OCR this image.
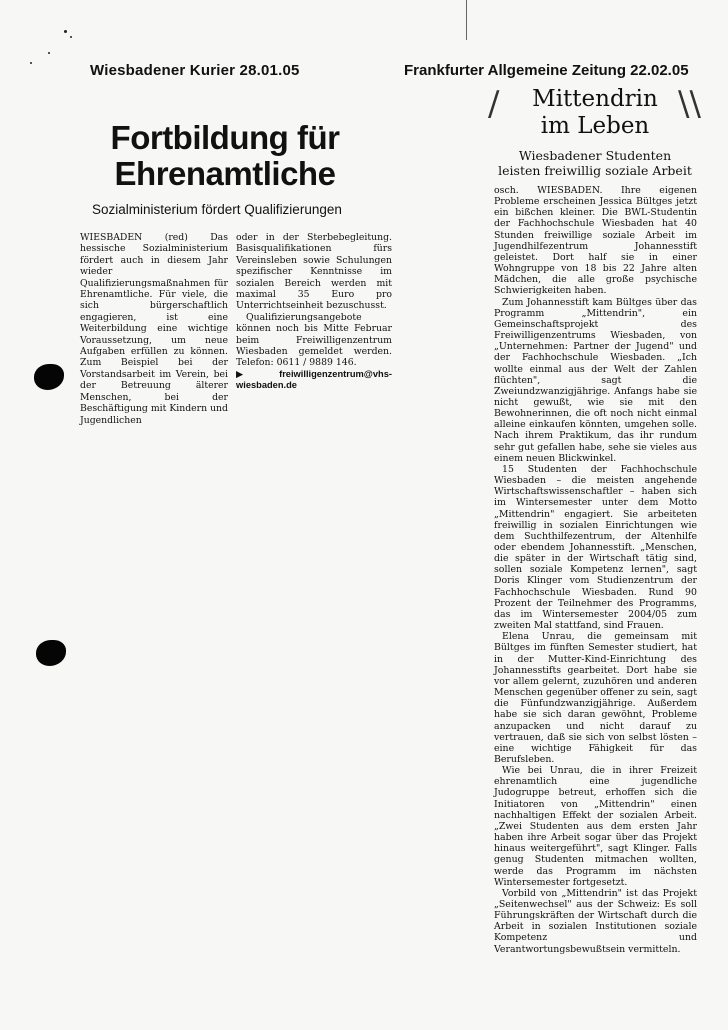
Wiesbadener Kurier 28.01.05
Fortbildung für
Ehrenamtliche
Sozialministerium fördert Qualifizierungen

WIESBADEN (red) Das hessische Sozialministerium fördert auch in diesem Jahr wieder Qualifizierungsmaßnahmen für Ehrenamtliche. Für viele, die sich bürgerschaftlich engagieren, ist eine Weiterbildung eine wichtige Voraussetzung, um neue Aufgaben erfüllen zu können. Zum Beispiel bei der Vorstandsarbeit im Verein, bei der Betreuung älterer Menschen, bei der Beschäftigung mit Kindern und Jugendlichen

oder in der Sterbebegleitung. Basisqualifikationen fürs Vereinsleben sowie Schulungen spezifischer Kenntnisse im sozialen Bereich werden mit maximal 35 Euro pro Unterrichtseinheit bezuschusst.

Qualifizierungsangebote können noch bis Mitte Februar beim Freiwilligenzentrum Wiesbaden gemeldet werden. Telefon: 0611 / 9889 146.

▶ freiwilligenzentrum@vhs-wiesbaden.de

Frankfurter Allgemeine Zeitung 22.02.05
/	\\
Mittendrin
im Leben
Wiesbadener Studenten leisten freiwillig soziale Arbeit

osch. WIESBADEN. Ihre eigenen Probleme erscheinen Jessica Bültges jetzt ein bißchen kleiner. Die BWL-Studentin der Fachhochschule Wiesbaden hat 40 Stunden freiwillige soziale Arbeit im Jugendhilfezentrum Johannesstift geleistet. Dort half sie in einer Wohngruppe von 18 bis 22 Jahre alten Mädchen, die alle große psychische Schwierigkeiten haben.

Zum Johannesstift kam Bültges über das Programm „Mittendrin", ein Gemeinschaftsprojekt des Freiwilligenzentrums Wiesbaden, von „Unternehmen: Partner der Jugend" und der Fachhochschule Wiesbaden. „Ich wollte einmal aus der Welt der Zahlen flüchten", sagt die Zweiundzwanzigjährige. Anfangs habe sie nicht gewußt, wie sie mit den Bewohnerinnen, die oft noch nicht einmal alleine einkaufen könnten, umgehen solle. Nach ihrem Praktikum, das ihr rundum sehr gut gefallen habe, sehe sie vieles aus einem neuen Blickwinkel.

15 Studenten der Fachhochschule Wiesbaden – die meisten angehende Wirtschaftswissenschaftler – haben sich im Wintersemester unter dem Motto „Mittendrin" engagiert. Sie arbeiteten freiwillig in sozialen Einrichtungen wie dem Suchthilfezentrum, der Altenhilfe oder ebendem Johannesstift. „Menschen, die später in der Wirtschaft tätig sind, sollen soziale Kompetenz lernen", sagt Doris Klinger vom Studienzentrum der Fachhochschule Wiesbaden. Rund 90 Prozent der Teilnehmer des Programms, das im Wintersemester 2004/05 zum zweiten Mal stattfand, sind Frauen.

Elena Unrau, die gemeinsam mit Bültges im fünften Semester studiert, hat in der Mutter-Kind-Einrichtung des Johannesstifts gearbeitet. Dort habe sie vor allem gelernt, zuzuhören und anderen Menschen gegenüber offener zu sein, sagt die Fünfundzwanzigjährige. Außerdem habe sie sich daran gewöhnt, Probleme anzupacken und nicht darauf zu vertrauen, daß sie sich von selbst lösten – eine wichtige Fähigkeit für das Berufsleben.

Wie bei Unrau, die in ihrer Freizeit ehrenamtlich eine jugendliche Judogruppe betreut, erhoffen sich die Initiatoren von „Mittendrin" einen nachhaltigen Effekt der sozialen Arbeit. „Zwei Studenten aus dem ersten Jahr haben ihre Arbeit sogar über das Projekt hinaus weitergeführt", sagt Klinger. Falls genug Studenten mitmachen wollten, werde das Programm im nächsten Wintersemester fortgesetzt.

Vorbild von „Mittendrin" ist das Projekt „Seitenwechsel" aus der Schweiz: Es soll Führungskräften der Wirtschaft durch die Arbeit in sozialen Institutionen soziale Kompetenz und Verantwortungsbewußtsein vermitteln.
